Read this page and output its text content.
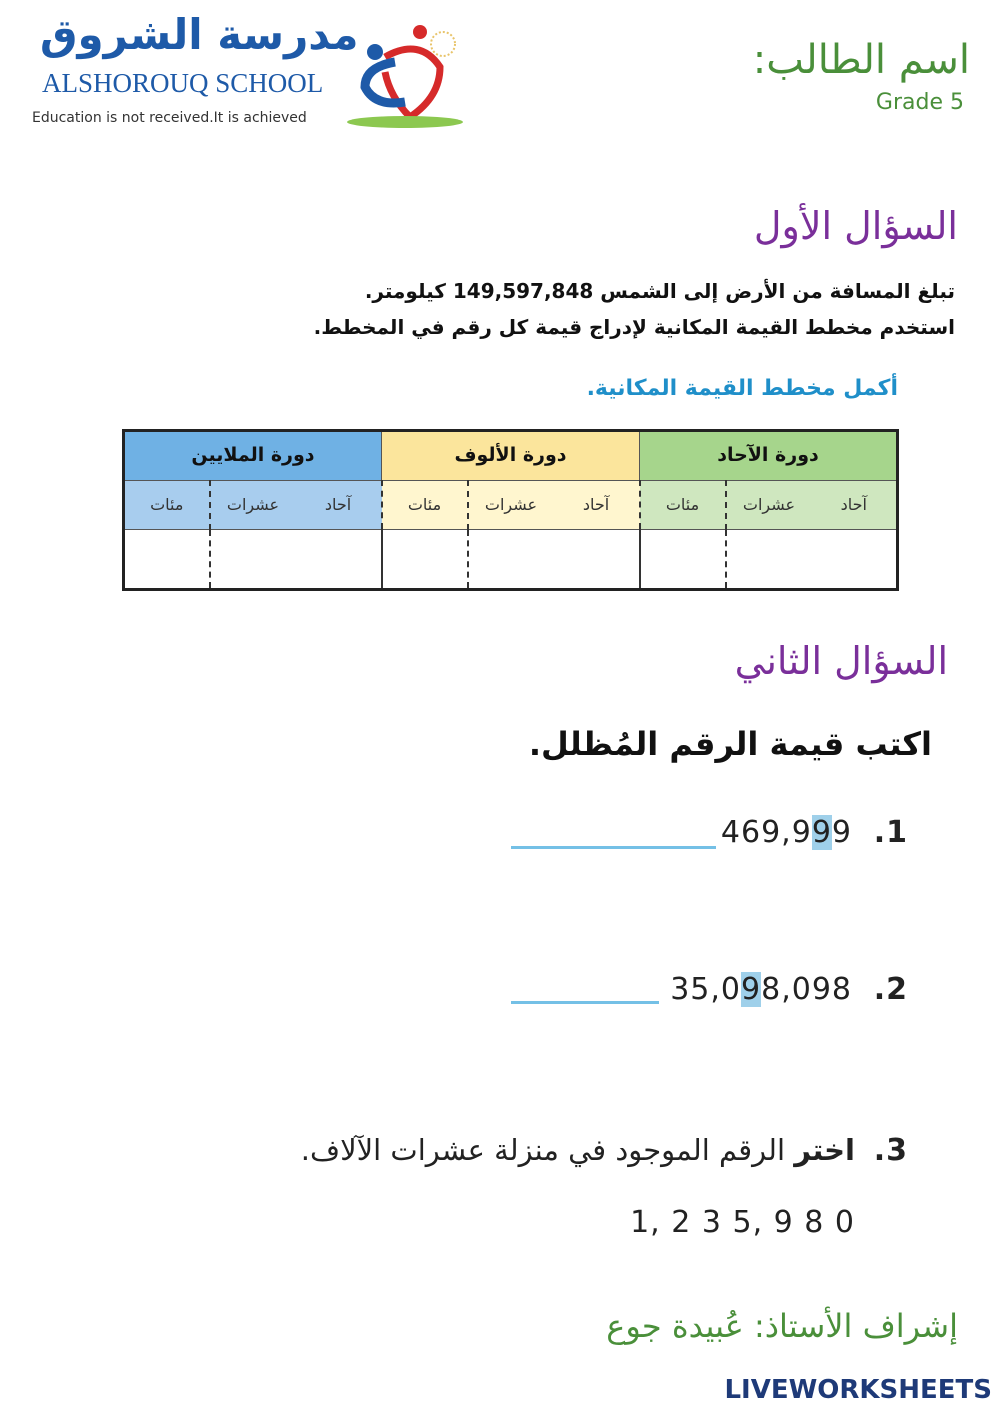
مدرسة الشروق
ALSHOROUQ SCHOOL
Education is not received.It is achieved
اسم الطالب:
Grade 5
السؤال الأول
تبلغ المسافة من الأرض إلى الشمس 149,597,848 كيلومتر.
استخدم مخطط القيمة المكانية لإدراج قيمة كل رقم في المخطط.
أكمل مخطط القيمة المكانية.
دورة الآحاد			دورة الألوف			دورة الملايين		
آحاد	عشرات	مئات	آحاد	عشرات	مئات	آحاد	عشرات	مئات

السؤال الثاني
اكتب قيمة الرقم المُظلل.
469,999 .1
35,098,098 .2
اختر الرقم الموجود في منزلة عشرات الآلاف.	.3
1, 2 3 5, 9 8 0
إشراف الأستاذ: عُبيدة جوع
LIVEWORKSHEETS
